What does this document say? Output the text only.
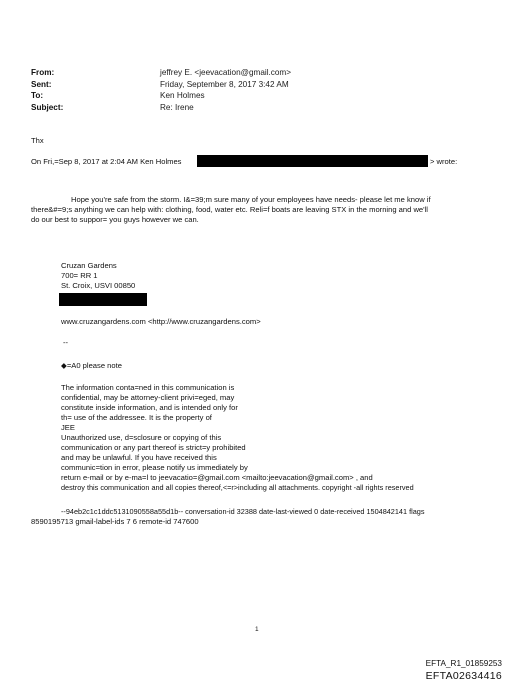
From:	jeffrey E. <jeevacation@gmail.com>
Sent:	Friday, September 8, 2017 3:42 AM
To:	Ken Holmes
Subject:	Re: Irene
Thx
On Fri,=Sep 8, 2017 at 2:04 AM Ken Holmes	> wrote:
Hope you're safe from the storm. I&=39;m sure many of your employees have needs- please let me know if
there&#=9;s anything we can help with: clothing, food, water etc. Reli=f boats are leaving STX in the morning and we'll
do our best to suppor= you guys however we can.
Cruzan Gardens
700= RR 1
St. Croix, USVI 00850
www.cruzangardens.com <http://www.cruzangardens.com>
--
◆=A0 please note
The information conta=ned in this communication is
confidential, may be attorney-client privi=eged, may
constitute inside information, and is intended only for
th= use of the addressee. It is the property of
JEE
Unauthorized use, d=sclosure or copying of this
communication or any part thereof is strict=y prohibited
and may be unlawful. If you have received this
communic=tion in error, please notify us immediately by
return e-mail or by e-ma=l to jeevacatio=@gmail.com <mailto:jeevacation@gmail.com> , and
destroy this communication and all copies thereof,<=r>including all attachments. copyright -all rights reserved
--94eb2c1c1ddc5131090558a55d1b-- conversation-id 32388 date-last-viewed 0 date-received 1504842141 flags
8590195713 gmail-label-ids 7 6 remote-id 747600
1
EFTA_R1_01859253
EFTA02634416
